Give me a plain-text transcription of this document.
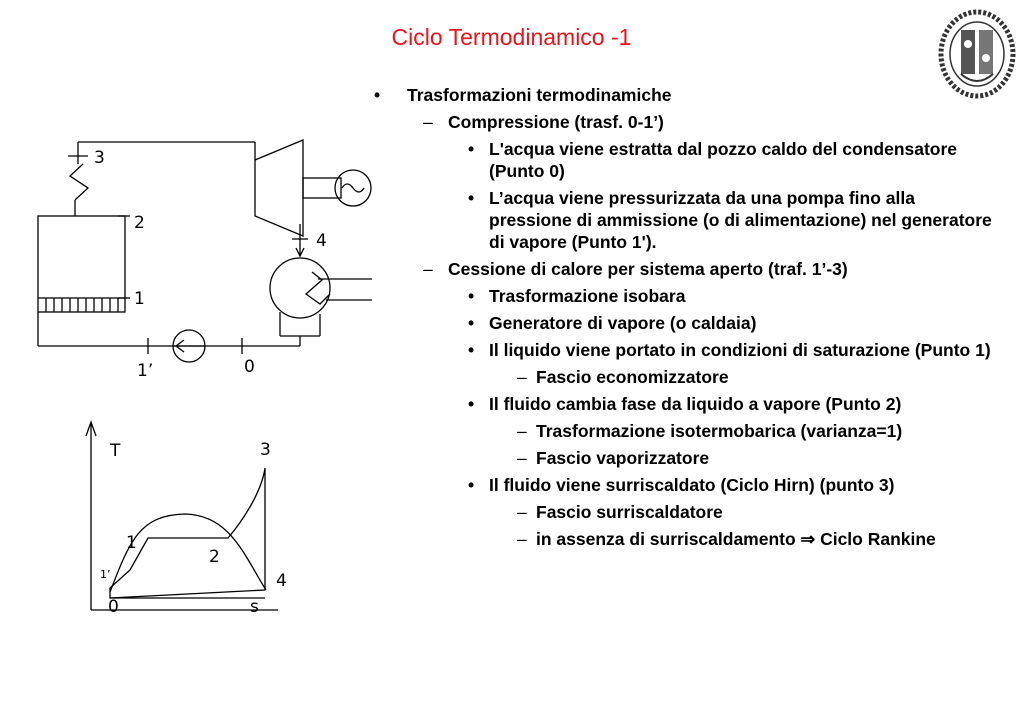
Ciclo Termodinamico -1
3
2
1
4
1’	0
T
s
3
1
2
1’
0
4
• Trasformazioni termodinamiche
– Compressione (trasf. 0-1’)
• L'acqua viene estratta dal pozzo caldo del condensatore (Punto 0)
• L’acqua viene pressurizzata da una pompa fino alla pressione di ammissione (o di alimentazione) nel generatore di vapore (Punto 1').
– Cessione di calore per sistema aperto (traf. 1’-3)
• Trasformazione isobara
• Generatore di vapore (o caldaia)
• Il liquido viene portato in condizioni di saturazione (Punto 1)
– Fascio economizzatore
• Il fluido cambia fase da liquido a vapore (Punto 2)
– Trasformazione isotermobarica (varianza=1)
– Fascio vaporizzatore
• Il fluido viene surriscaldato (Ciclo Hirn) (punto 3)
– Fascio surriscaldatore
– in assenza di surriscaldamento ⇒ Ciclo Rankine
